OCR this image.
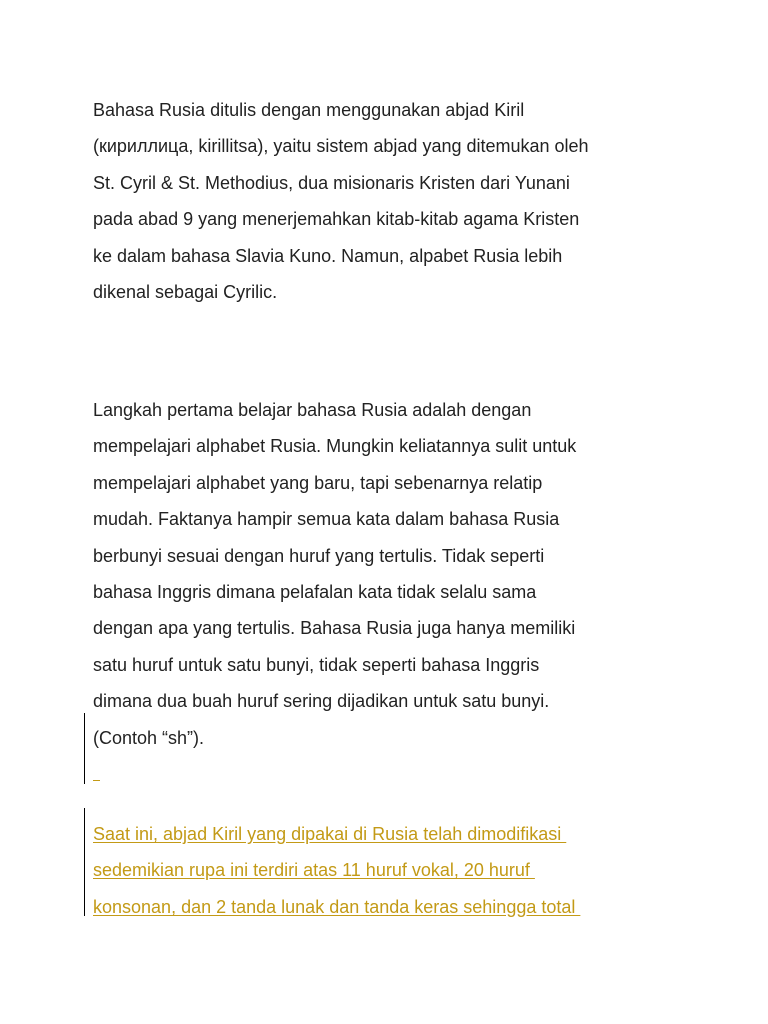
Bahasa Rusia ditulis dengan menggunakan abjad Kiril
(кириллица, kirillitsa), yaitu sistem abjad yang ditemukan oleh
St. Cyril & St. Methodius, dua misionaris Kristen dari Yunani
pada abad 9 yang menerjemahkan kitab-kitab agama Kristen
ke dalam bahasa Slavia Kuno. Namun, alpabet Rusia lebih
dikenal sebagai Cyrilic.

Langkah pertama belajar bahasa Rusia adalah dengan
mempelajari alphabet Rusia. Mungkin keliatannya sulit untuk
mempelajari alphabet yang baru, tapi sebenarnya relatip
mudah. Faktanya hampir semua kata dalam bahasa Rusia
berbunyi sesuai dengan huruf yang tertulis. Tidak seperti
bahasa Inggris dimana pelafalan kata tidak selalu sama
dengan apa yang tertulis. Bahasa Rusia juga hanya memiliki
satu huruf untuk satu bunyi, tidak seperti bahasa Inggris
dimana dua buah huruf sering dijadikan untuk satu bunyi.
(Contoh “sh”).

Saat ini, abjad Kiril yang dipakai di Rusia telah dimodifikasi
sedemikian rupa ini terdiri atas 11 huruf vokal, 20 huruf
konsonan, dan 2 tanda lunak dan tanda keras sehingga total
